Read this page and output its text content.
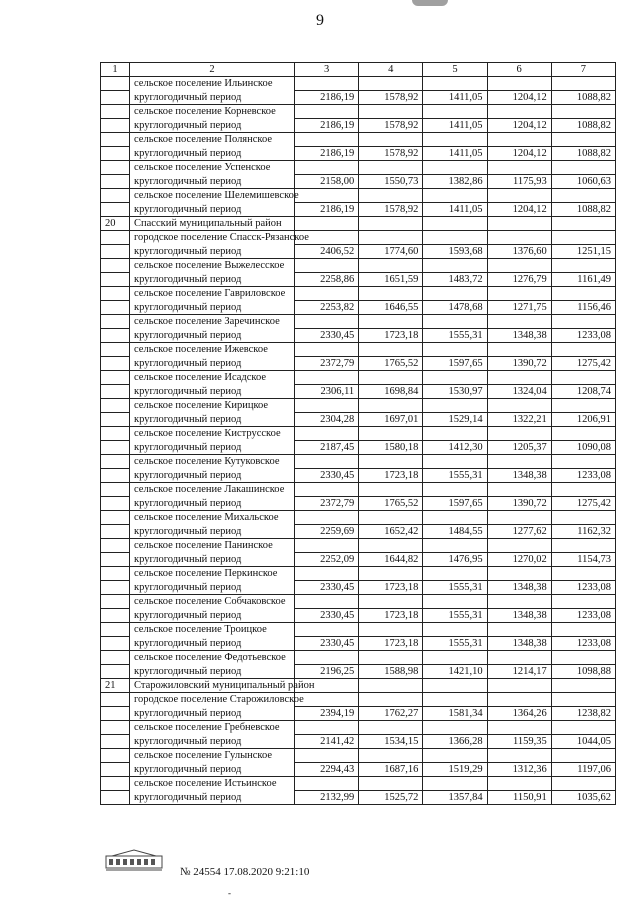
9
1	2	3	4	5	6	7
	сельское поселение Ильинское					
	круглогодичный период	2186,19	1578,92	1411,05	1204,12	1088,82
	сельское поселение Корневское					
	круглогодичный период	2186,19	1578,92	1411,05	1204,12	1088,82
	сельское поселение Полянское					
	круглогодичный период	2186,19	1578,92	1411,05	1204,12	1088,82
	сельское поселение Успенское					
	круглогодичный период	2158,00	1550,73	1382,86	1175,93	1060,63
	сельское поселение Шелемишевское					
	круглогодичный период	2186,19	1578,92	1411,05	1204,12	1088,82
20	Спасский муниципальный район					
	городское поселение Спасск-Рязанское					
	круглогодичный период	2406,52	1774,60	1593,68	1376,60	1251,15
	сельское поселение Выжелесское					
	круглогодичный период	2258,86	1651,59	1483,72	1276,79	1161,49
	сельское поселение Гавриловское					
	круглогодичный период	2253,82	1646,55	1478,68	1271,75	1156,46
	сельское поселение Заречинское					
	круглогодичный период	2330,45	1723,18	1555,31	1348,38	1233,08
	сельское поселение Ижевское					
	круглогодичный период	2372,79	1765,52	1597,65	1390,72	1275,42
	сельское поселение Исадское					
	круглогодичный период	2306,11	1698,84	1530,97	1324,04	1208,74
	сельское поселение Кирицкое					
	круглогодичный период	2304,28	1697,01	1529,14	1322,21	1206,91
	сельское поселение Киструсское					
	круглогодичный период	2187,45	1580,18	1412,30	1205,37	1090,08
	сельское поселение Кутуковское					
	круглогодичный период	2330,45	1723,18	1555,31	1348,38	1233,08
	сельское поселение Лакашинское					
	круглогодичный период	2372,79	1765,52	1597,65	1390,72	1275,42
	сельское поселение Михальское					
	круглогодичный период	2259,69	1652,42	1484,55	1277,62	1162,32
	сельское поселение Панинское					
	круглогодичный период	2252,09	1644,82	1476,95	1270,02	1154,73
	сельское поселение Перкинское					
	круглогодичный период	2330,45	1723,18	1555,31	1348,38	1233,08
	сельское поселение Собчаковское					
	круглогодичный период	2330,45	1723,18	1555,31	1348,38	1233,08
	сельское поселение Троицкое					
	круглогодичный период	2330,45	1723,18	1555,31	1348,38	1233,08
	сельское поселение Федотьевское					
	круглогодичный период	2196,25	1588,98	1421,10	1214,17	1098,88
21	Старожиловский муниципальный район					
	городское поселение Старожиловское					
	круглогодичный период	2394,19	1762,27	1581,34	1364,26	1238,82
	сельское поселение Гребневское					
	круглогодичный период	2141,42	1534,15	1366,28	1159,35	1044,05
	сельское поселение Гулынское					
	круглогодичный период	2294,43	1687,16	1519,29	1312,36	1197,06
	сельское поселение Истьинское					
	круглогодичный период	2132,99	1525,72	1357,84	1150,91	1035,62
№ 24554 17.08.2020 9:21:10
-
